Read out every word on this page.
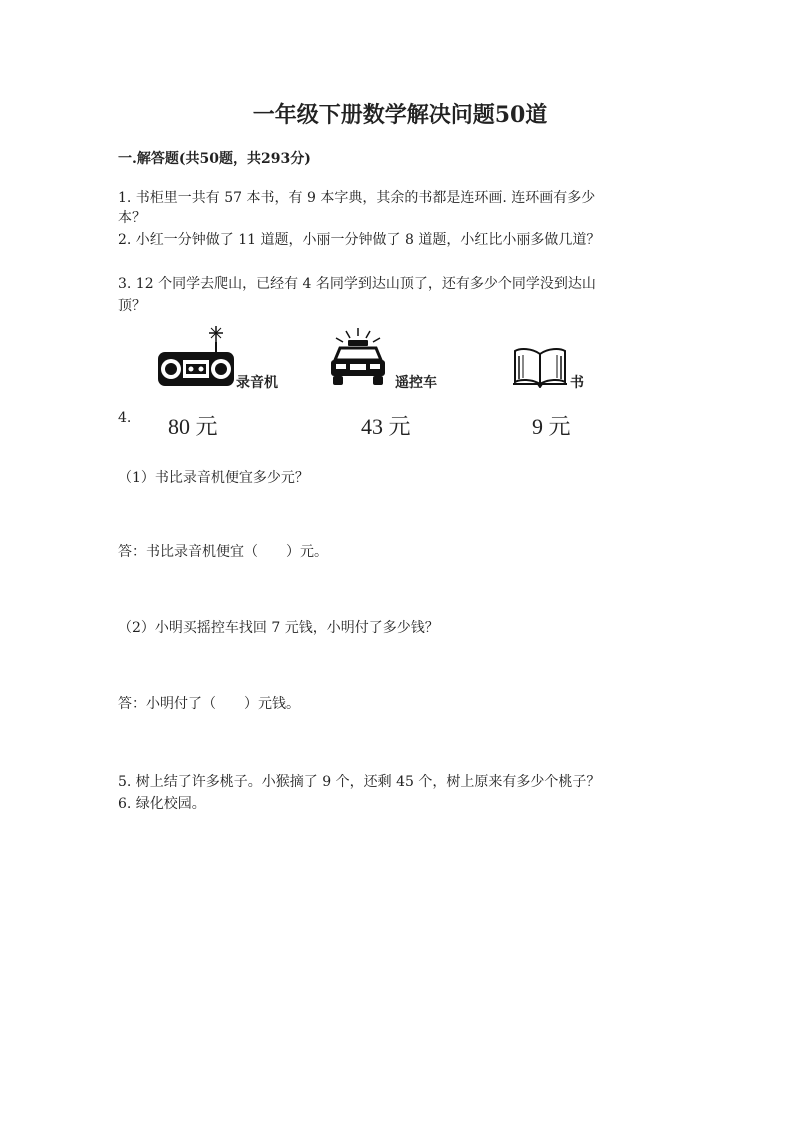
一年级下册数学解决问题50道
一.解答题(共50题，共293分)
1. 书柜里一共有 57 本书，有 9 本字典，其余的书都是连环画. 连环画有多少
本？
2. 小红一分钟做了 11 道题，小丽一分钟做了 8 道题，小红比小丽多做几道？
3. 12 个同学去爬山，已经有 4 名同学到达山顶了，还有多少个同学没到达山
顶？
4.
录音机
80 元
遥控车
43 元
书
9 元
（1）书比录音机便宜多少元？
答：书比录音机便宜（　　）元。
（2）小明买摇控车找回 7 元钱，小明付了多少钱？
答：小明付了（　　）元钱。
5. 树上结了许多桃子。小猴摘了 9 个，还剩 45 个，树上原来有多少个桃子？
6. 绿化校园。
